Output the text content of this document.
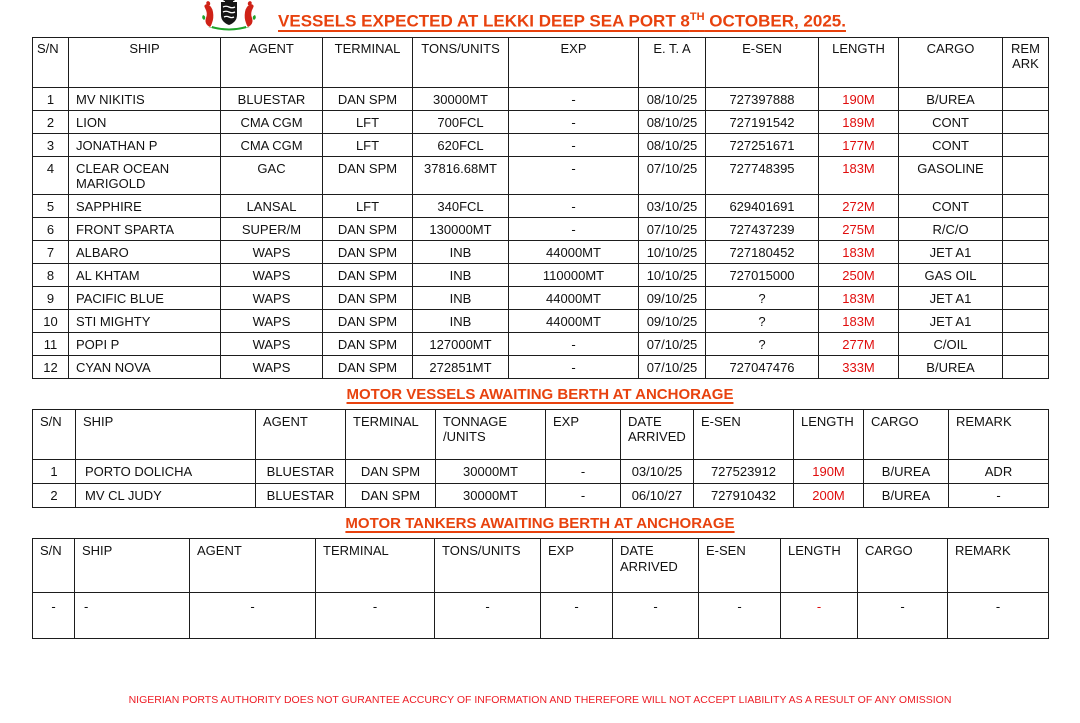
VESSELS EXPECTED AT LEKKI DEEP SEA PORT 8TH OCTOBER, 2025.
S/N	SHIP	AGENT	TERMINAL	TONS/UNITS	EXP	E. T. A	E-SEN	LENGTH	CARGO	REMARK
1	MV NIKITIS	BLUESTAR	DAN SPM	30000MT	-	08/10/25	727397888	190M	B/UREA	
2	LION	CMA CGM	LFT	700FCL	-	08/10/25	727191542	189M	CONT	
3	JONATHAN P	CMA CGM	LFT	620FCL	-	08/10/25	727251671	177M	CONT	
4	CLEAR OCEAN MARIGOLD	GAC	DAN SPM	37816.68MT	-	07/10/25	727748395	183M	GASOLINE	
5	SAPPHIRE	LANSAL	LFT	340FCL	-	03/10/25	629401691	272M	CONT	
6	FRONT SPARTA	SUPER/M	DAN SPM	130000MT	-	07/10/25	727437239	275M	R/C/O	
7	ALBARO	WAPS	DAN SPM	INB	44000MT	10/10/25	727180452	183M	JET A1	
8	AL KHTAM	WAPS	DAN SPM	INB	110000MT	10/10/25	727015000	250M	GAS OIL	
9	PACIFIC BLUE	WAPS	DAN SPM	INB	44000MT	09/10/25	?	183M	JET A1	
10	STI MIGHTY	WAPS	DAN SPM	INB	44000MT	09/10/25	?	183M	JET A1	
11	POPI P	WAPS	DAN SPM	127000MT	-	07/10/25	?	277M	C/OIL	
12	CYAN NOVA	WAPS	DAN SPM	272851MT	-	07/10/25	727047476	333M	B/UREA	
MOTOR VESSELS AWAITING BERTH AT ANCHORAGE
S/N	SHIP	AGENT	TERMINAL	TONNAGE /UNITS	EXP	DATE ARRIVED	E-SEN	LENGTH	CARGO	REMARK
1	PORTO DOLICHA	BLUESTAR	DAN SPM	30000MT	-	03/10/25	727523912	190M	B/UREA	ADR
2	MV CL JUDY	BLUESTAR	DAN SPM	30000MT	-	06/10/27	727910432	200M	B/UREA	-
MOTOR TANKERS AWAITING BERTH AT ANCHORAGE
S/N	SHIP	AGENT	TERMINAL	TONS/UNITS	EXP	DATE ARRIVED	E-SEN	LENGTH	CARGO	REMARK
-	-	-	-	-	-	-	-	-	-	-
NIGERIAN PORTS AUTHORITY DOES NOT GURANTEE ACCURCY OF INFORMATION AND THEREFORE WILL NOT ACCEPT LIABILITY AS A RESULT OF ANY OMISSION
